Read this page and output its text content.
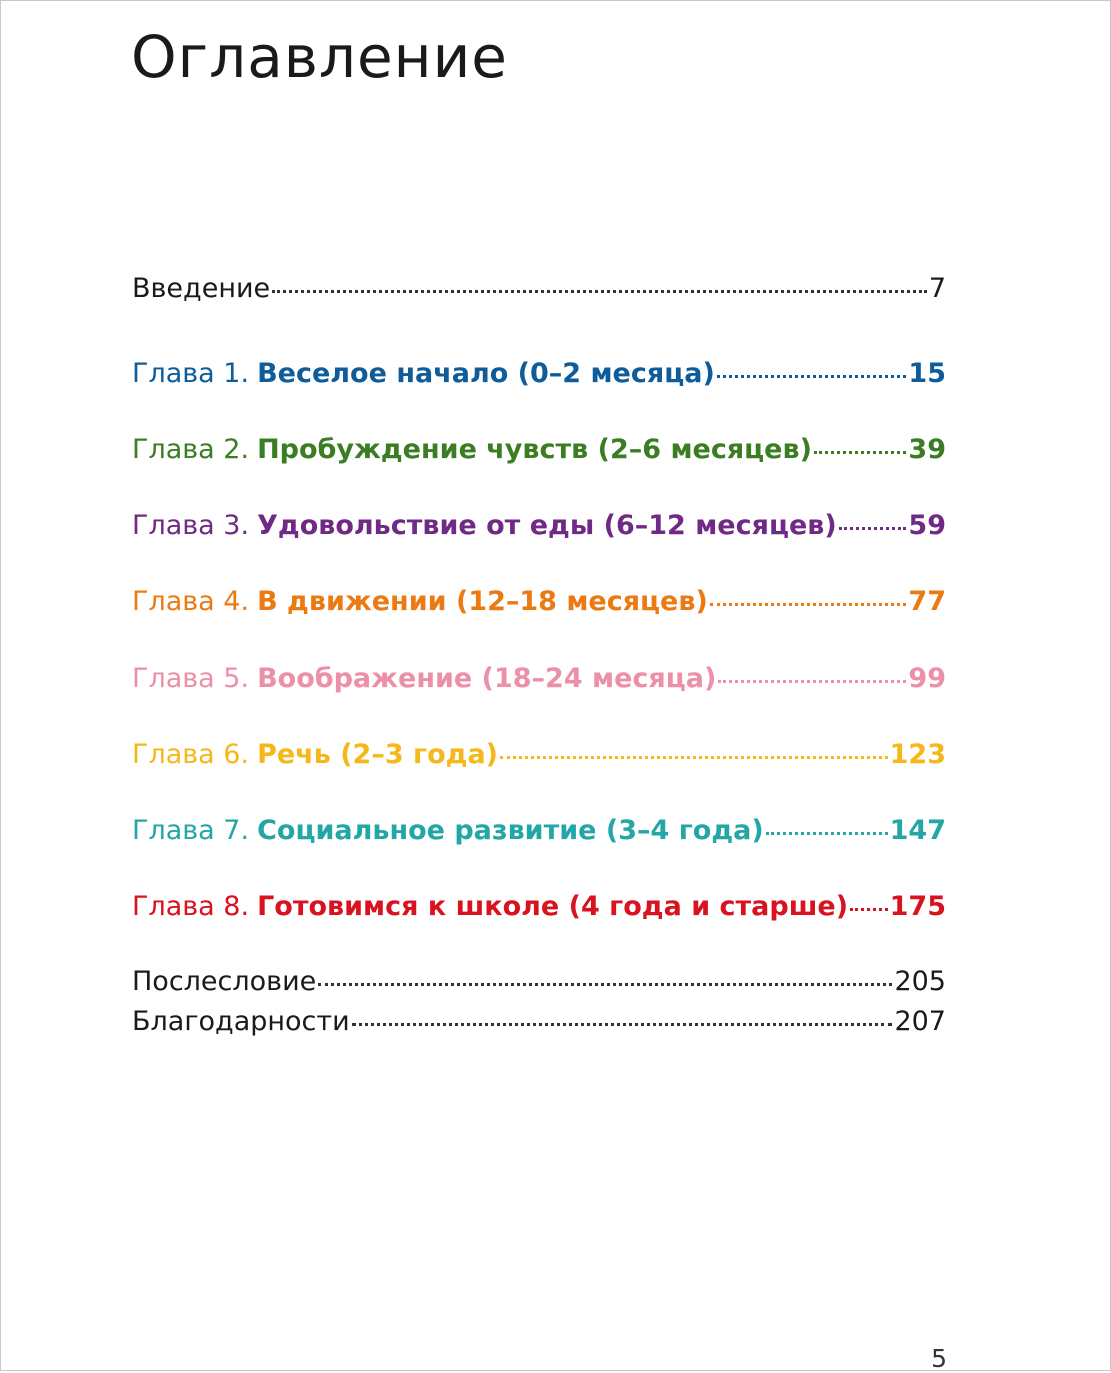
Оглавление
Введение	7
Глава 1. Веселое начало (0–2 месяца)	15
Глава 2. Пробуждение чувств (2–6 месяцев)	39
Глава 3. Удовольствие от еды (6–12 месяцев)	59
Глава 4. В движении (12–18 месяцев)	77
Глава 5. Воображение (18–24 месяца)	99
Глава 6. Речь (2–3 года)	123
Глава 7. Социальное развитие (3–4 года)	147
Глава 8. Готовимся к школе (4 года и старше) 175
Послесловие	205
Благодарности	207
5
